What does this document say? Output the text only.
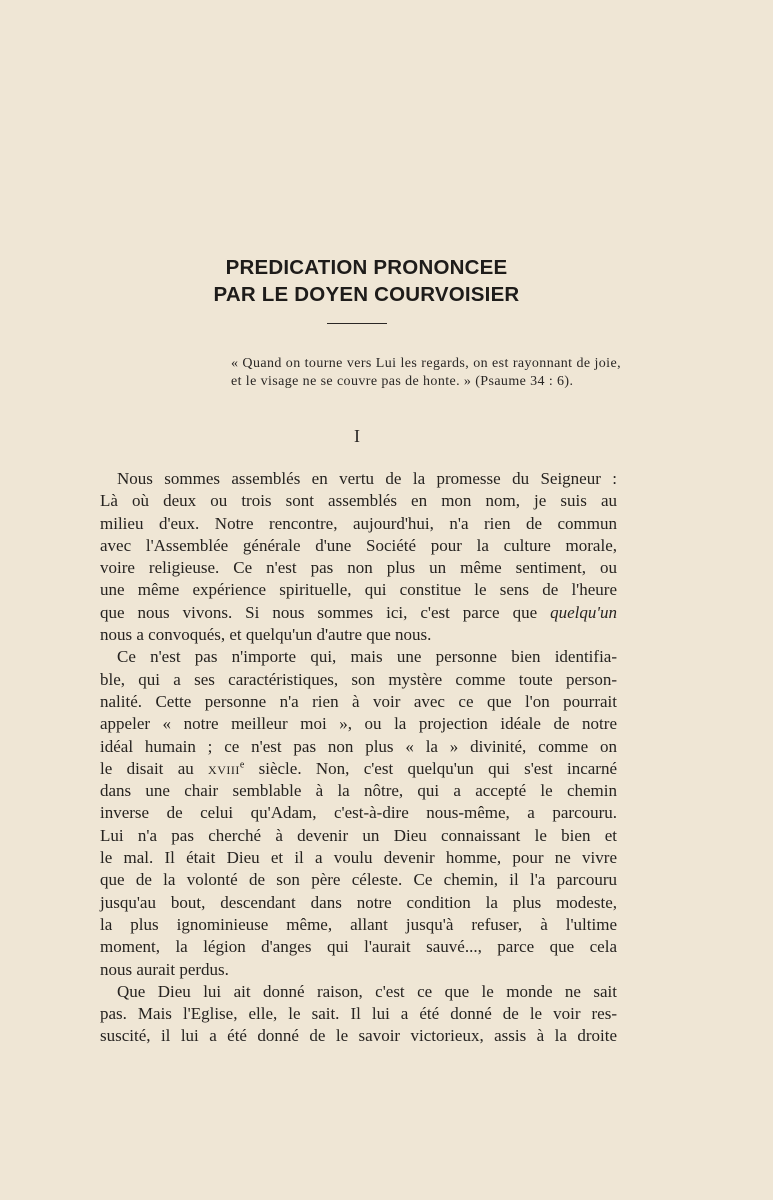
PREDICATION PRONONCEE
PAR LE DOYEN COURVOISIER
« Quand on tourne vers Lui les regards, on est rayonnant de joie, et le visage ne se couvre pas de honte. » (Psaume 34 : 6).
I
Nous sommes assemblés en vertu de la promesse du Seigneur :
Là où deux ou trois sont assemblés en mon nom, je suis au
milieu d'eux. Notre rencontre, aujourd'hui, n'a rien de commun
avec l'Assemblée générale d'une Société pour la culture morale,
voire religieuse. Ce n'est pas non plus un même sentiment, ou
une même expérience spirituelle, qui constitue le sens de l'heure
que nous vivons. Si nous sommes ici, c'est parce que quelqu'un
nous a convoqués, et quelqu'un d'autre que nous.
Ce n'est pas n'importe qui, mais une personne bien identifia-
ble, qui a ses caractéristiques, son mystère comme toute person-
nalité. Cette personne n'a rien à voir avec ce que l'on pourrait
appeler « notre meilleur moi », ou la projection idéale de notre
idéal humain ; ce n'est pas non plus « la » divinité, comme on
le disait au xviii$^e$ siècle. Non, c'est quelqu'un qui s'est incarné
dans une chair semblable à la nôtre, qui a accepté le chemin
inverse de celui qu'Adam, c'est-à-dire nous-même, a parcouru.
Lui n'a pas cherché à devenir un Dieu connaissant le bien et
le mal. Il était Dieu et il a voulu devenir homme, pour ne vivre
que de la volonté de son père céleste. Ce chemin, il l'a parcouru
jusqu'au bout, descendant dans notre condition la plus modeste,
la plus ignominieuse même, allant jusqu'à refuser, à l'ultime
moment, la légion d'anges qui l'aurait sauvé..., parce que cela
nous aurait perdus.
Que Dieu lui ait donné raison, c'est ce que le monde ne sait
pas. Mais l'Eglise, elle, le sait. Il lui a été donné de le voir res-
suscité, il lui a été donné de le savoir victorieux, assis à la droite
